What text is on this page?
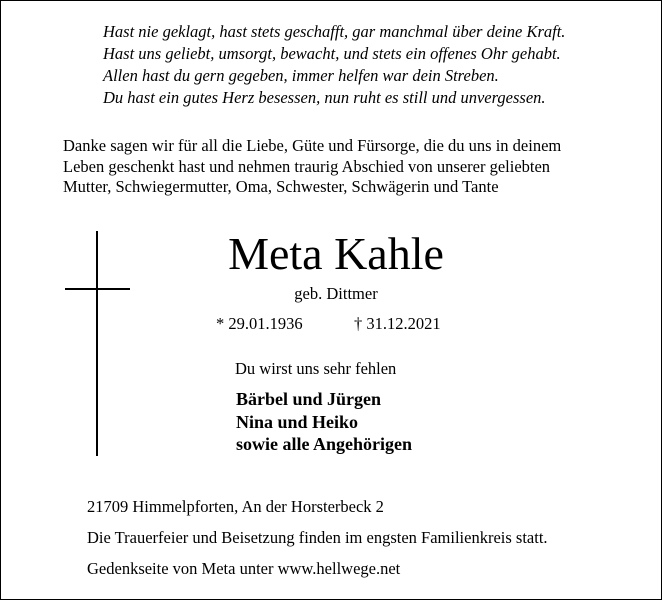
Hast nie geklagt, hast stets geschafft, gar manchmal über deine Kraft.
Hast uns geliebt, umsorgt, bewacht, und stets ein offenes Ohr gehabt.
Allen hast du gern gegeben, immer helfen war dein Streben.
Du hast ein gutes Herz besessen, nun ruht es still und unvergessen.
Danke sagen wir für all die Liebe, Güte und Fürsorge, die du uns in deinem
Leben geschenkt hast und nehmen traurig Abschied von unserer geliebten
Mutter, Schwiegermutter, Oma, Schwester, Schwägerin und Tante
Meta Kahle
geb. Dittmer
* 29.01.1936	† 31.12.2021
Du wirst uns sehr fehlen
Bärbel und Jürgen
Nina und Heiko
sowie alle Angehörigen
21709 Himmelpforten, An der Horsterbeck 2
Die Trauerfeier und Beisetzung finden im engsten Familienkreis statt.
Gedenkseite von Meta unter www.hellwege.net
